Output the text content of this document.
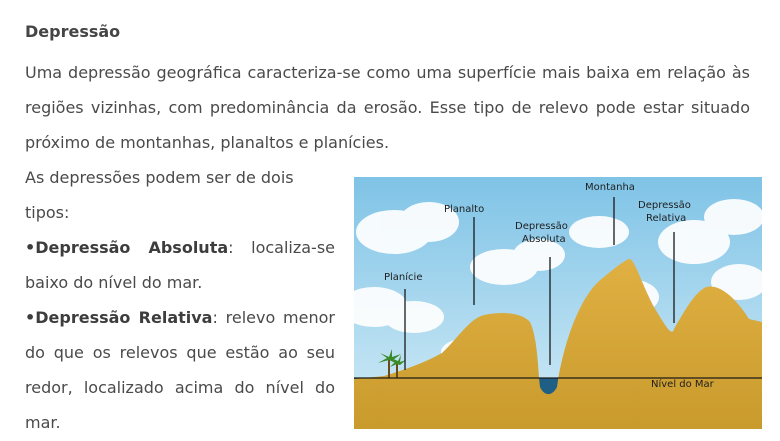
Depressão

Uma depressão geográfica caracteriza-se como uma superfície mais baixa em relação às regiões vizinhas, com predominância da erosão. Esse tipo de relevo pode estar situado próximo de montanhas, planaltos e planícies.

As depressões podem ser de dois tipos:

•Depressão Absoluta: localiza-se baixo do nível do mar.

•Depressão Relativa: relevo menor do que os relevos que estão ao seu redor, localizado acima do nível do mar.

Planície
Planalto
Depressão
Absoluta
Montanha
Depressão
Relativa
Nível do Mar
